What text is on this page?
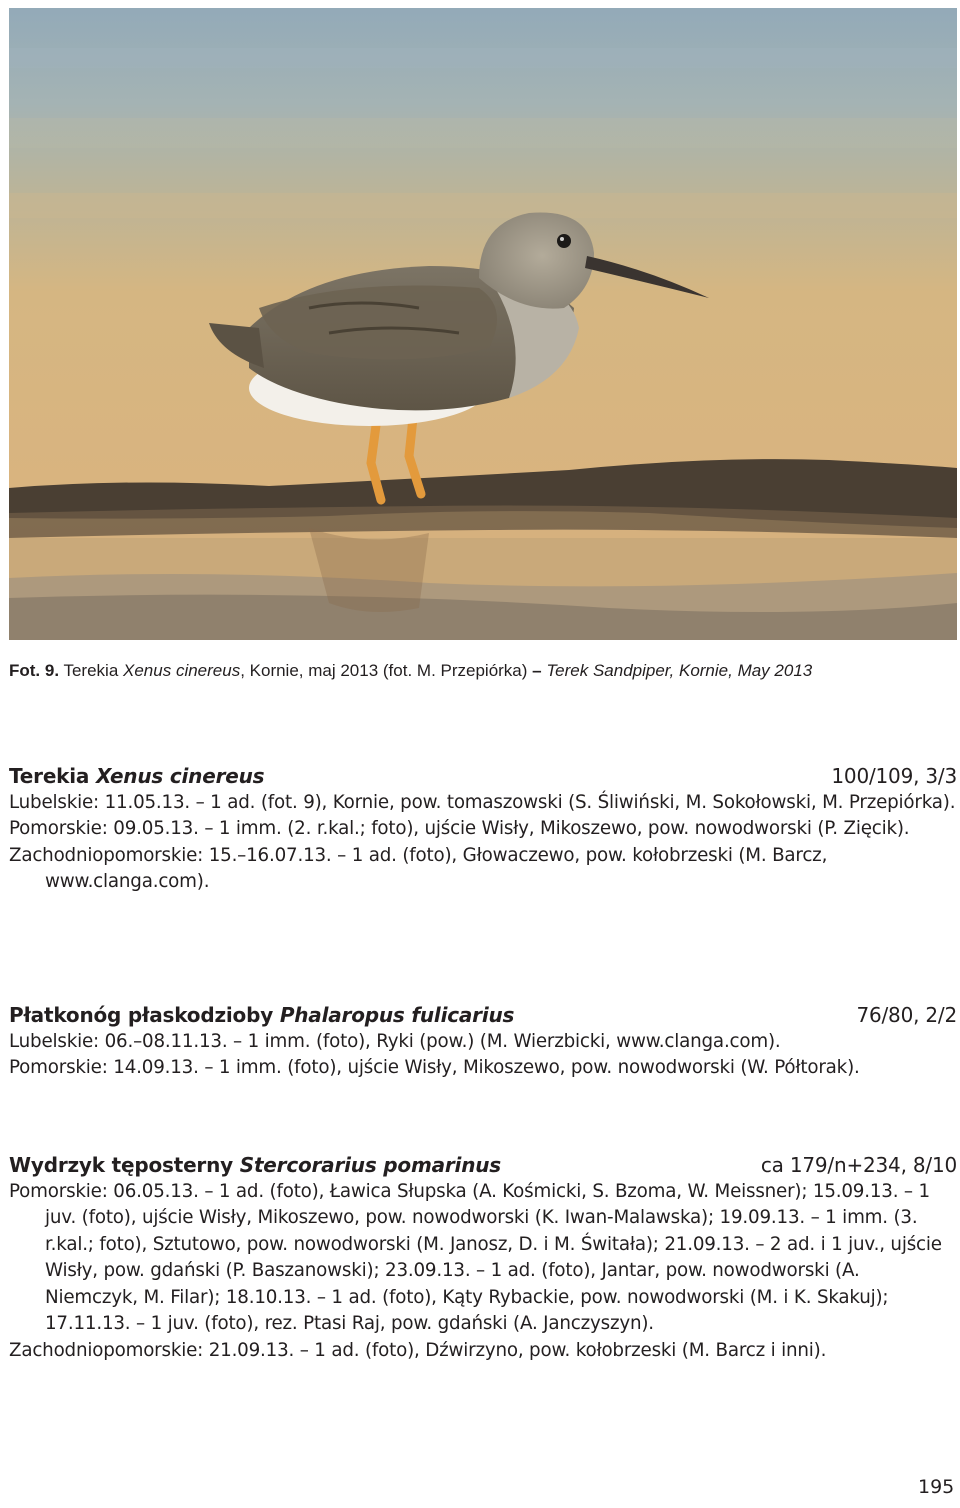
Fot. 9. Terekia Xenus cinereus, Kornie, maj 2013 (fot. M. Przepiórka) – Terek Sandpiper, Kornie, May 2013
Terekia Xenus cinereus	100/109, 3/3

Lubelskie: 11.05.13. – 1 ad. (fot. 9), Kornie, pow. tomaszowski (S. Śliwiński, M. Sokołowski, M. Przepiórka).

Pomorskie: 09.05.13. – 1 imm. (2. r.kal.; foto), ujście Wisły, Mikoszewo, pow. nowodworski (P. Zięcik).

Zachodniopomorskie: 15.–16.07.13. – 1 ad. (foto), Głowaczewo, pow. kołobrzeski (M. Barcz, www.clanga.com).

Płatkonóg płaskodzioby Phalaropus fulicarius	76/80, 2/2

Lubelskie: 06.–08.11.13. – 1 imm. (foto), Ryki (pow.) (M. Wierzbicki, www.clanga.com).

Pomorskie: 14.09.13. – 1 imm. (foto), ujście Wisły, Mikoszewo, pow. nowodworski (W. Półtorak).

Wydrzyk tęposterny Stercorarius pomarinus	ca 179/n+234, 8/10

Pomorskie: 06.05.13. – 1 ad. (foto), Ławica Słupska (A. Kośmicki, S. Bzoma, W. Meissner); 15.09.13. – 1 juv. (foto), ujście Wisły, Mikoszewo, pow. nowodworski (K. Iwan-Malawska); 19.09.13. – 1 imm. (3. r.kal.; foto), Sztutowo, pow. nowodworski (M. Janosz, D. i M. Świtała); 21.09.13. – 2 ad. i 1 juv., ujście Wisły, pow. gdański (P. Baszanowski); 23.09.13. – 1 ad. (foto), Jantar, pow. nowodworski (A. Niemczyk, M. Filar); 18.10.13. – 1 ad. (foto), Kąty Rybackie, pow. nowodworski (M. i K. Skakuj); 17.11.13. – 1 juv. (foto), rez. Ptasi Raj, pow. gdański (A. Janczyszyn).

Zachodniopomorskie: 21.09.13. – 1 ad. (foto), Dźwirzyno, pow. kołobrzeski (M. Barcz i inni).

195
